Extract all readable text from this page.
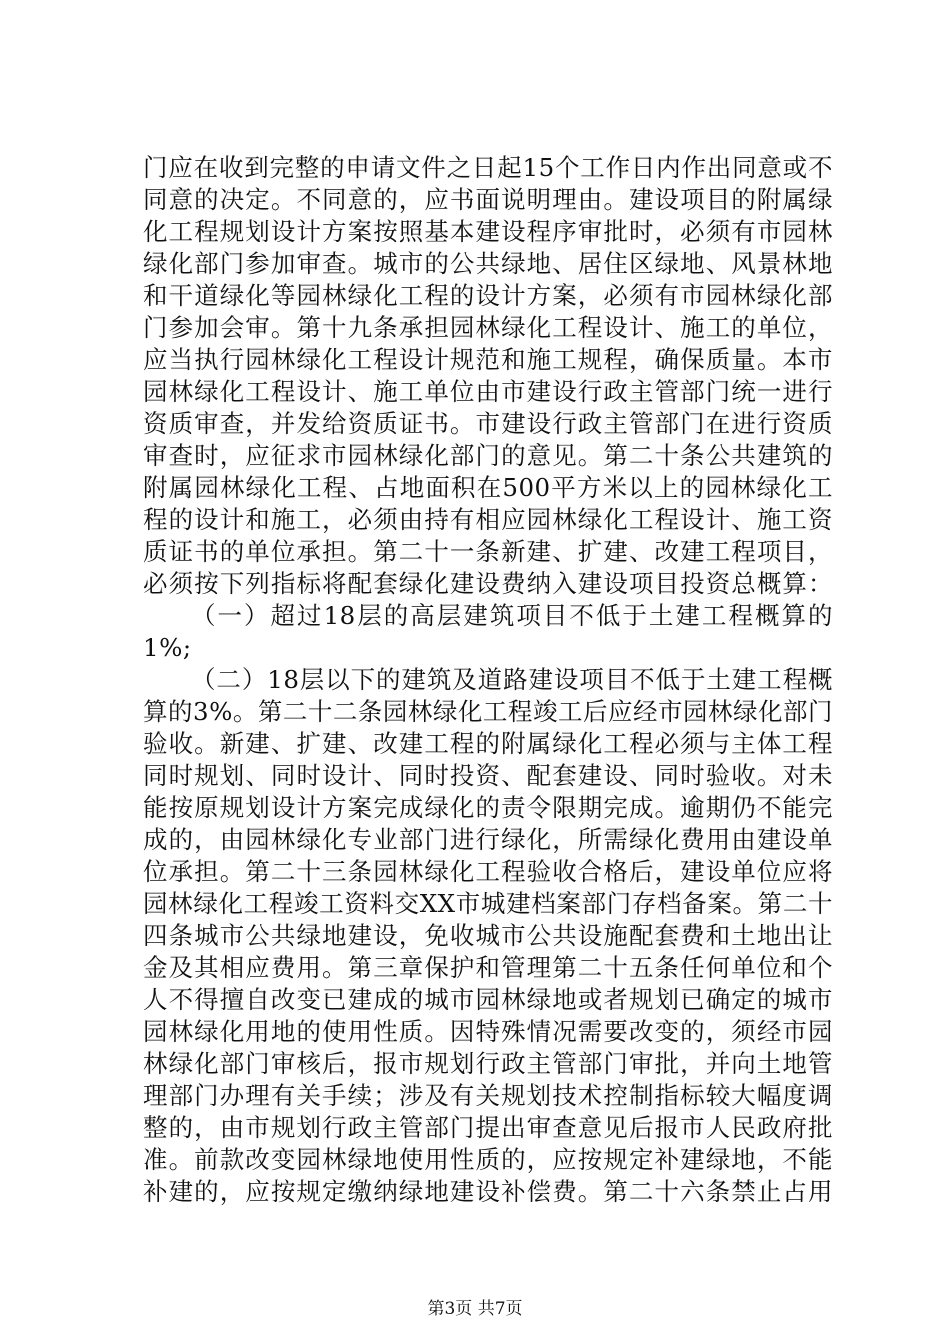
门应在收到完整的申请文件之日起15个工作日内作出同意或不
同意的决定。不同意的，应书面说明理由。建设项目的附属绿
化工程规划设计方案按照基本建设程序审批时，必须有市园林
绿化部门参加审查。城市的公共绿地、居住区绿地、风景林地
和干道绿化等园林绿化工程的设计方案，必须有市园林绿化部
门参加会审。第十九条承担园林绿化工程设计、施工的单位，
应当执行园林绿化工程设计规范和施工规程，确保质量。本市
园林绿化工程设计、施工单位由市建设行政主管部门统一进行
资质审查，并发给资质证书。市建设行政主管部门在进行资质
审查时，应征求市园林绿化部门的意见。第二十条公共建筑的
附属园林绿化工程、占地面积在500平方米以上的园林绿化工
程的设计和施工，必须由持有相应园林绿化工程设计、施工资
质证书的单位承担。第二十一条新建、扩建、改建工程项目，
必须按下列指标将配套绿化建设费纳入建设项目投资总概算：
（一）超过18层的高层建筑项目不低于土建工程概算的
1%;
（二）18层以下的建筑及道路建设项目不低于土建工程概
算的3%。第二十二条园林绿化工程竣工后应经市园林绿化部门
验收。新建、扩建、改建工程的附属绿化工程必须与主体工程
同时规划、同时设计、同时投资、配套建设、同时验收。对未
能按原规划设计方案完成绿化的责令限期完成。逾期仍不能完
成的，由园林绿化专业部门进行绿化，所需绿化费用由建设单
位承担。第二十三条园林绿化工程验收合格后，建设单位应将
园林绿化工程竣工资料交XX市城建档案部门存档备案。第二十
四条城市公共绿地建设，免收城市公共设施配套费和土地出让
金及其相应费用。第三章保护和管理第二十五条任何单位和个
人不得擅自改变已建成的城市园林绿地或者规划已确定的城市
园林绿化用地的使用性质。因特殊情况需要改变的，须经市园
林绿化部门审核后，报市规划行政主管部门审批，并向土地管
理部门办理有关手续；涉及有关规划技术控制指标较大幅度调
整的，由市规划行政主管部门提出审查意见后报市人民政府批
准。前款改变园林绿地使用性质的，应按规定补建绿地，不能
补建的，应按规定缴纳绿地建设补偿费。第二十六条禁止占用
第3页 共7页
